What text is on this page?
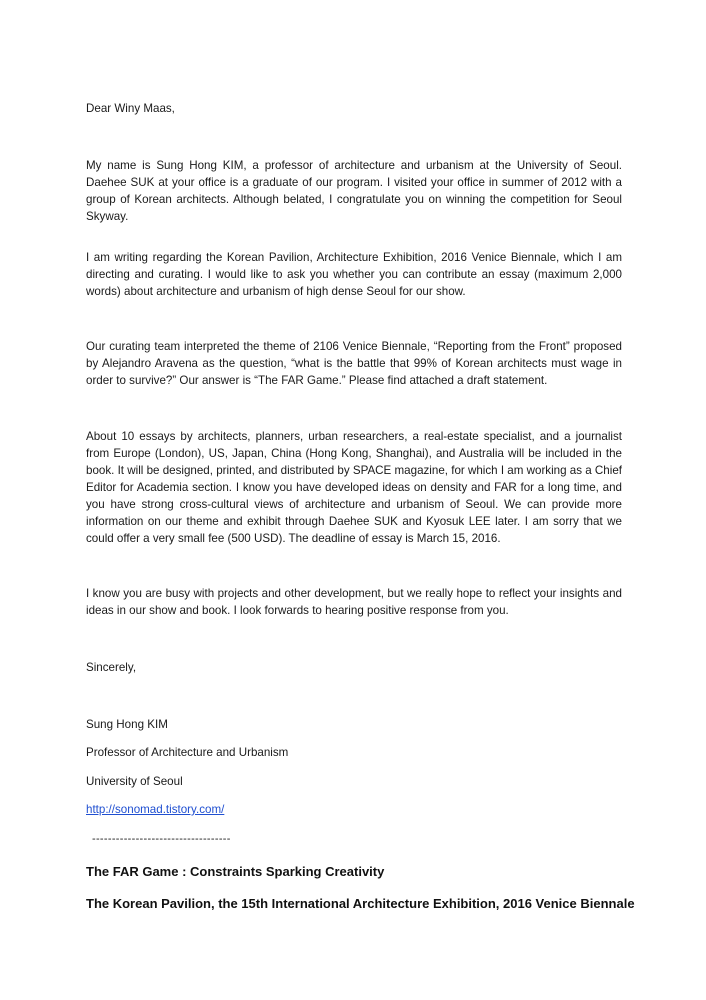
Dear Winy Maas,

My name is Sung Hong KIM, a professor of architecture and urbanism at the University of Seoul. Daehee SUK at your office is a graduate of our program. I visited your office in summer of 2012 with a group of Korean architects. Although belated, I congratulate you on winning the competition for Seoul Skyway.

I am writing regarding the Korean Pavilion, Architecture Exhibition, 2016 Venice Biennale, which I am directing and curating. I would like to ask you whether you can contribute an essay (maximum 2,000 words) about architecture and urbanism of high dense Seoul for our show.

Our curating team interpreted the theme of 2106 Venice Biennale, “Reporting from the Front” proposed by Alejandro Aravena as the question, “what is the battle that 99% of Korean architects must wage in order to survive?” Our answer is “The FAR Game.” Please find attached a draft statement.

About 10 essays by architects, planners, urban researchers, a real-estate specialist, and a journalist from Europe (London), US, Japan, China (Hong Kong, Shanghai), and Australia will be included in the book. It will be designed, printed, and distributed by SPACE magazine, for which I am working as a Chief Editor for Academia section. I know you have developed ideas on density and FAR for a long time, and you have strong cross-cultural views of architecture and urbanism of Seoul. We can provide more information on our theme and exhibit through Daehee SUK and Kyosuk LEE later. I am sorry that we could offer a very small fee (500 USD). The deadline of essay is March 15, 2016.

I know you are busy with projects and other development, but we really hope to reflect your insights and ideas in our show and book. I look forwards to hearing positive response from you.

Sincerely,

Sung Hong KIM

Professor of Architecture and Urbanism

University of Seoul

http://sonomad.tistory.com/

-----------------------------------
The FAR Game : Constraints Sparking Creativity
The Korean Pavilion, the 15th International Architecture Exhibition, 2016 Venice Biennale
